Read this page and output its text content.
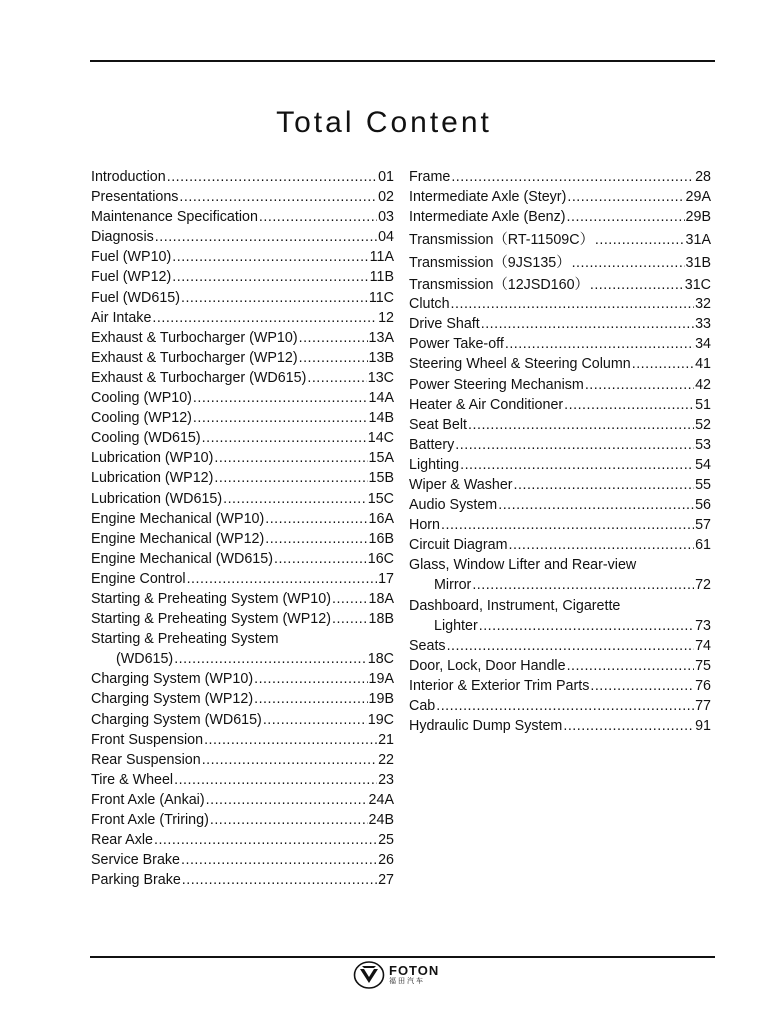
Total Content
Introduction .....	01
Presentations .....	02
Maintenance Specification .....	03
Diagnosis .....	04
Fuel (WP10) .....	11A
Fuel (WP12) .....	11B
Fuel (WD615) .....	11C
Air Intake .....	12
Exhaust & Turbocharger (WP10) .....	13A
Exhaust & Turbocharger (WP12) .....	13B
Exhaust & Turbocharger (WD615) .....	13C
Cooling (WP10) .....	14A
Cooling (WP12) .....	14B
Cooling (WD615) .....	14C
Lubrication (WP10) .....	15A
Lubrication (WP12) .....	15B
Lubrication (WD615) .....	15C
Engine Mechanical (WP10) .....	16A
Engine Mechanical (WP12) .....	16B
Engine Mechanical (WD615) .....	16C
Engine Control .....	17
Starting & Preheating System (WP10) .....	18A
Starting & Preheating System (WP12) .....	18B
Starting & Preheating System
(WD615) .....	18C
Charging System (WP10) .....	19A
Charging System (WP12) .....	19B
Charging System (WD615) .....	19C
Front Suspension .....	21
Rear Suspension .....	22
Tire & Wheel .....	23
Front Axle (Ankai) .....	24A
Front Axle (Triring) .....	24B
Rear Axle .....	25
Service Brake .....	26
Parking Brake .....	27
Frame .....	28
Intermediate Axle (Steyr) .....	29A
Intermediate Axle (Benz) .....	29B
Transmission（RT-11509C） .....	31A
Transmission（9JS135） .....	31B
Transmission（12JSD160） .....	31C
Clutch .....	32
Drive Shaft .....	33
Power Take-off .....	34
Steering Wheel & Steering Column .....	41
Power Steering Mechanism .....	42
Heater & Air Conditioner .....	51
Seat Belt .....	52
Battery .....	53
Lighting .....	54
Wiper & Washer .....	55
Audio System .....	56
Horn .....	57
Circuit Diagram .....	61
Glass, Window Lifter and Rear-view
Mirror .....	72
Dashboard, Instrument, Cigarette
Lighter .....	73
Seats .....	74
Door, Lock, Door Handle .....	75
Interior & Exterior Trim Parts .....	76
Cab .....	77
Hydraulic Dump System .....	91
FOTON
福田汽车
